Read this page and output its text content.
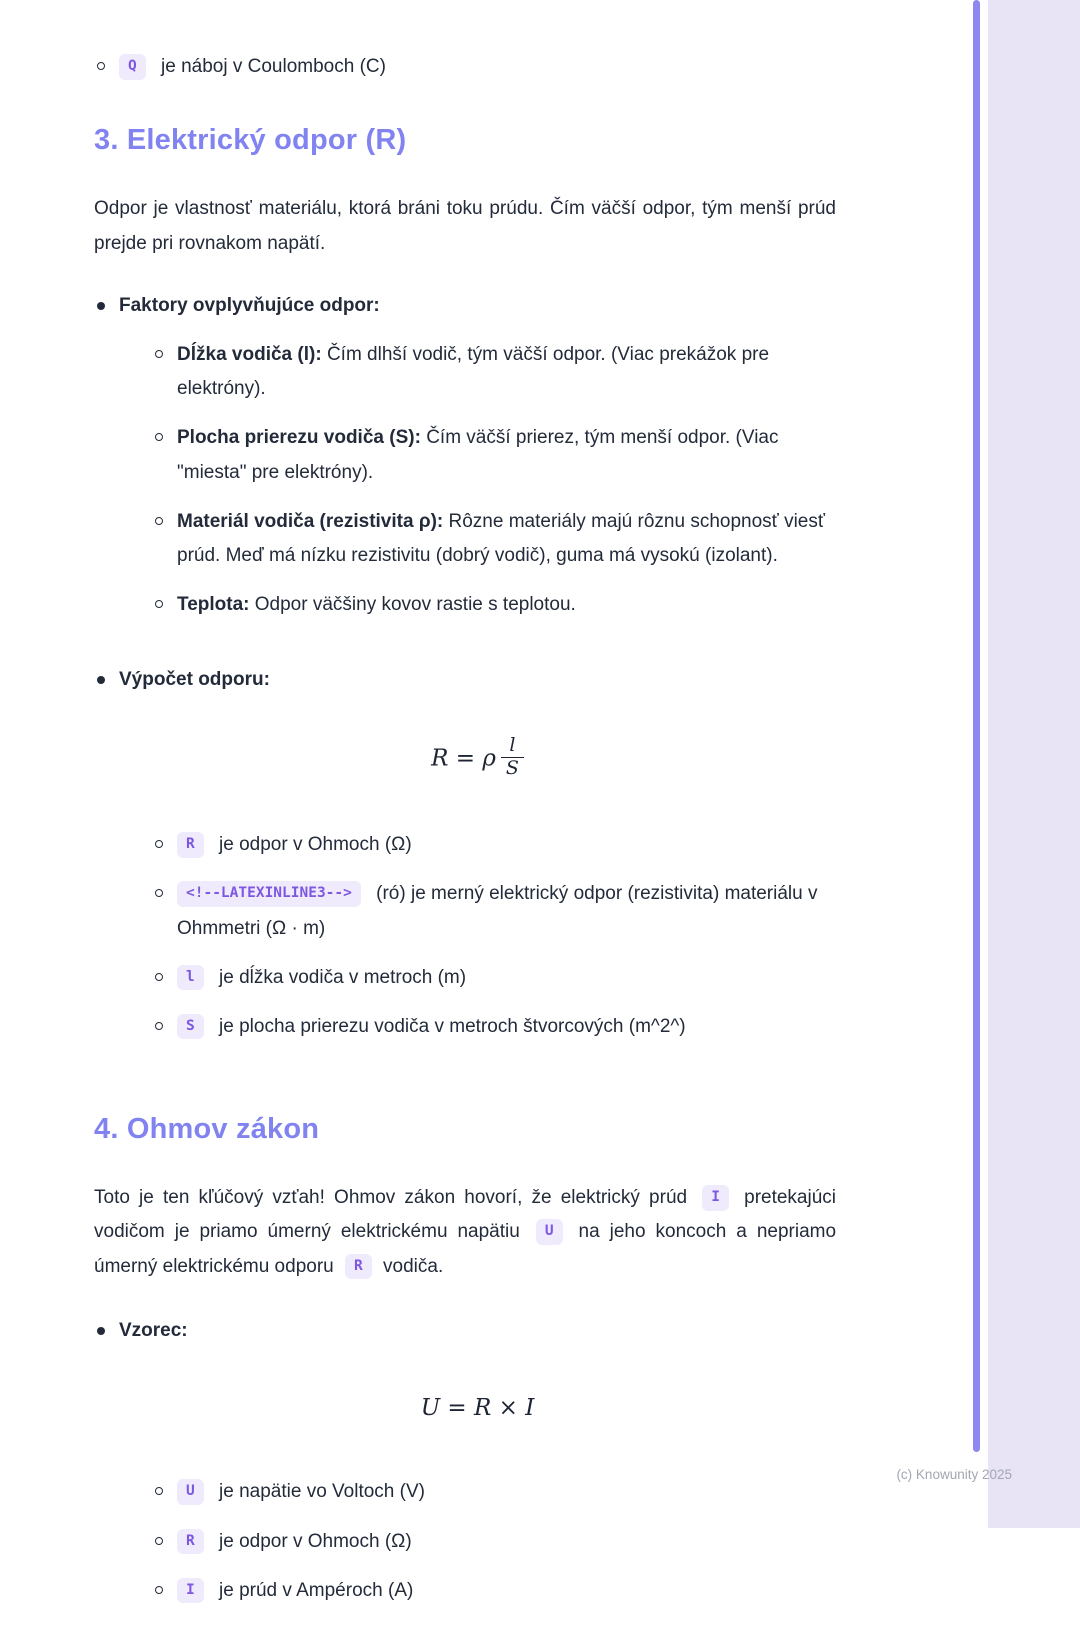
Q je náboj v Coulomboch (C)
3. Elektrický odpor (R)

Odpor je vlastnosť materiálu, ktorá bráni toku prúdu. Čím väčší odpor, tým menší prúd prejde pri rovnakom napätí.

Faktory ovplyvňujúce odpor:
Dĺžka vodiča (l): Čím dlhší vodič, tým väčší odpor. (Viac prekážok pre elektróny).
Plocha prierezu vodiča (S): Čím väčší prierez, tým menší odpor. (Viac "miesta" pre elektróny).
Materiál vodiča (rezistivita ρ): Rôzne materiály majú rôznu schopnosť viesť prúd. Meď má nízku rezistivitu (dobrý vodič), guma má vysokú (izolant).
Teplota: Odpor väčšiny kovov rastie s teplotou.
Výpočet odporu:
R = ρ $\frac{l}{S}$
R je odpor v Ohmoch (Ω)
<!--LATEXINLINE3--> (ró) je merný elektrický odpor (rezistivita) materiálu v Ohmmetri (Ω · m)
l je dĺžka vodiča v metroch (m)
S je plocha prierezu vodiča v metroch štvorcových (m^2^)
4. Ohmov zákon

Toto je ten kľúčový vzťah! Ohmov zákon hovorí, že elektrický prúd I pretekajúci vodičom je priamo úmerný elektrickému napätiu U na jeho koncoch a nepriamo úmerný elektrickému odporu R vodiča.

Vzorec:
U = R × I
U je napätie vo Voltoch (V)
R je odpor v Ohmoch (Ω)
I je prúd v Ampéroch (A)
(c) Knowunity 2025
